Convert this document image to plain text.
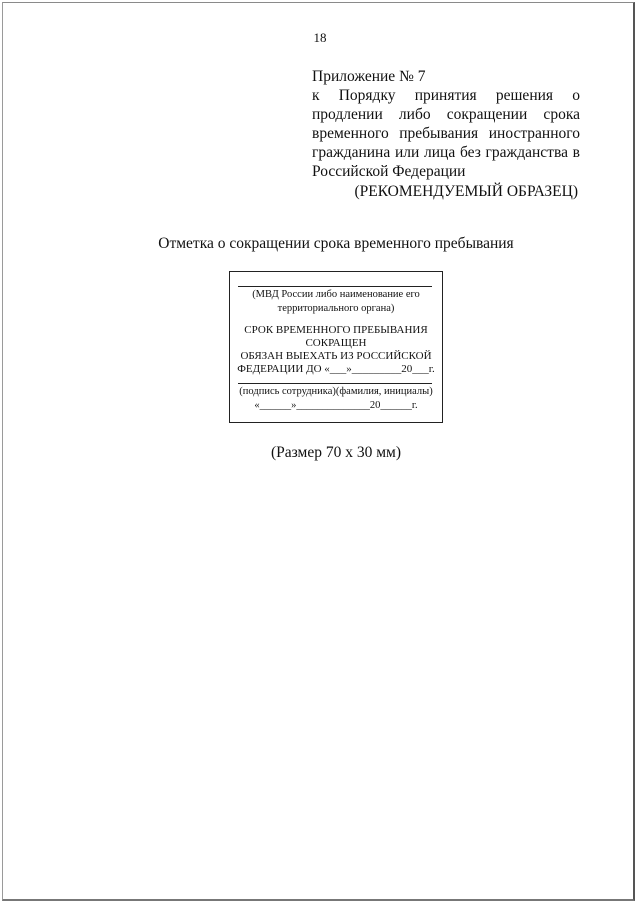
18
Приложение № 7
к Порядку принятия решения о продлении либо сокращении срока временного пребывания иностранного гражданина или лица без гражданства в Российской Федерации
(РЕКОМЕНДУЕМЫЙ ОБРАЗЕЦ)
Отметка о сокращении срока временного пребывания
(МВД России либо наименование его территориального органа)
СРОК ВРЕМЕННОГО ПРЕБЫВАНИЯ
СОКРАЩЕН
ОБЯЗАН ВЫЕХАТЬ ИЗ РОССИЙСКОЙ
ФЕДЕРАЦИИ ДО «___»_________20___г.
(подпись сотрудника)(фамилия, инициалы)
«______»______________20______г.
(Размер 70 х 30 мм)
